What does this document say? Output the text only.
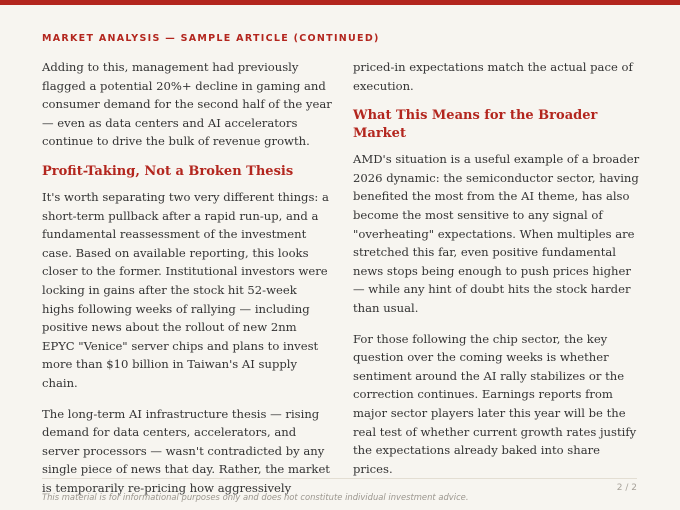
MARKET ANALYSIS — SAMPLE ARTICLE (CONTINUED)

Adding to this, management had previously flagged a potential 20%+ decline in gaming and consumer demand for the second half of the year — even as data centers and AI accelerators continue to drive the bulk of revenue growth.

Profit-Taking, Not a Broken Thesis

It's worth separating two very different things: a short-term pullback after a rapid run-up, and a fundamental reassessment of the investment case. Based on available reporting, this looks closer to the former. Institutional investors were locking in gains after the stock hit 52-week highs following weeks of rallying — including positive news about the rollout of new 2nm EPYC "Venice" server chips and plans to invest more than $10 billion in Taiwan's AI supply chain.

The long-term AI infrastructure thesis — rising demand for data centers, accelerators, and server processors — wasn't contradicted by any single piece of news that day. Rather, the market is temporarily re-pricing how aggressively

priced-in expectations match the actual pace of execution.

What This Means for the Broader Market

AMD's situation is a useful example of a broader 2026 dynamic: the semiconductor sector, having benefited the most from the AI theme, has also become the most sensitive to any signal of "overheating" expectations. When multiples are stretched this far, even positive fundamental news stops being enough to push prices higher — while any hint of doubt hits the stock harder than usual.

For those following the chip sector, the key question over the coming weeks is whether sentiment around the AI rally stabilizes or the correction continues. Earnings reports from major sector players later this year will be the real test of whether current growth rates justify the expectations already baked into share prices.

2 / 2
This material is for informational purposes only and does not constitute individual investment advice.
